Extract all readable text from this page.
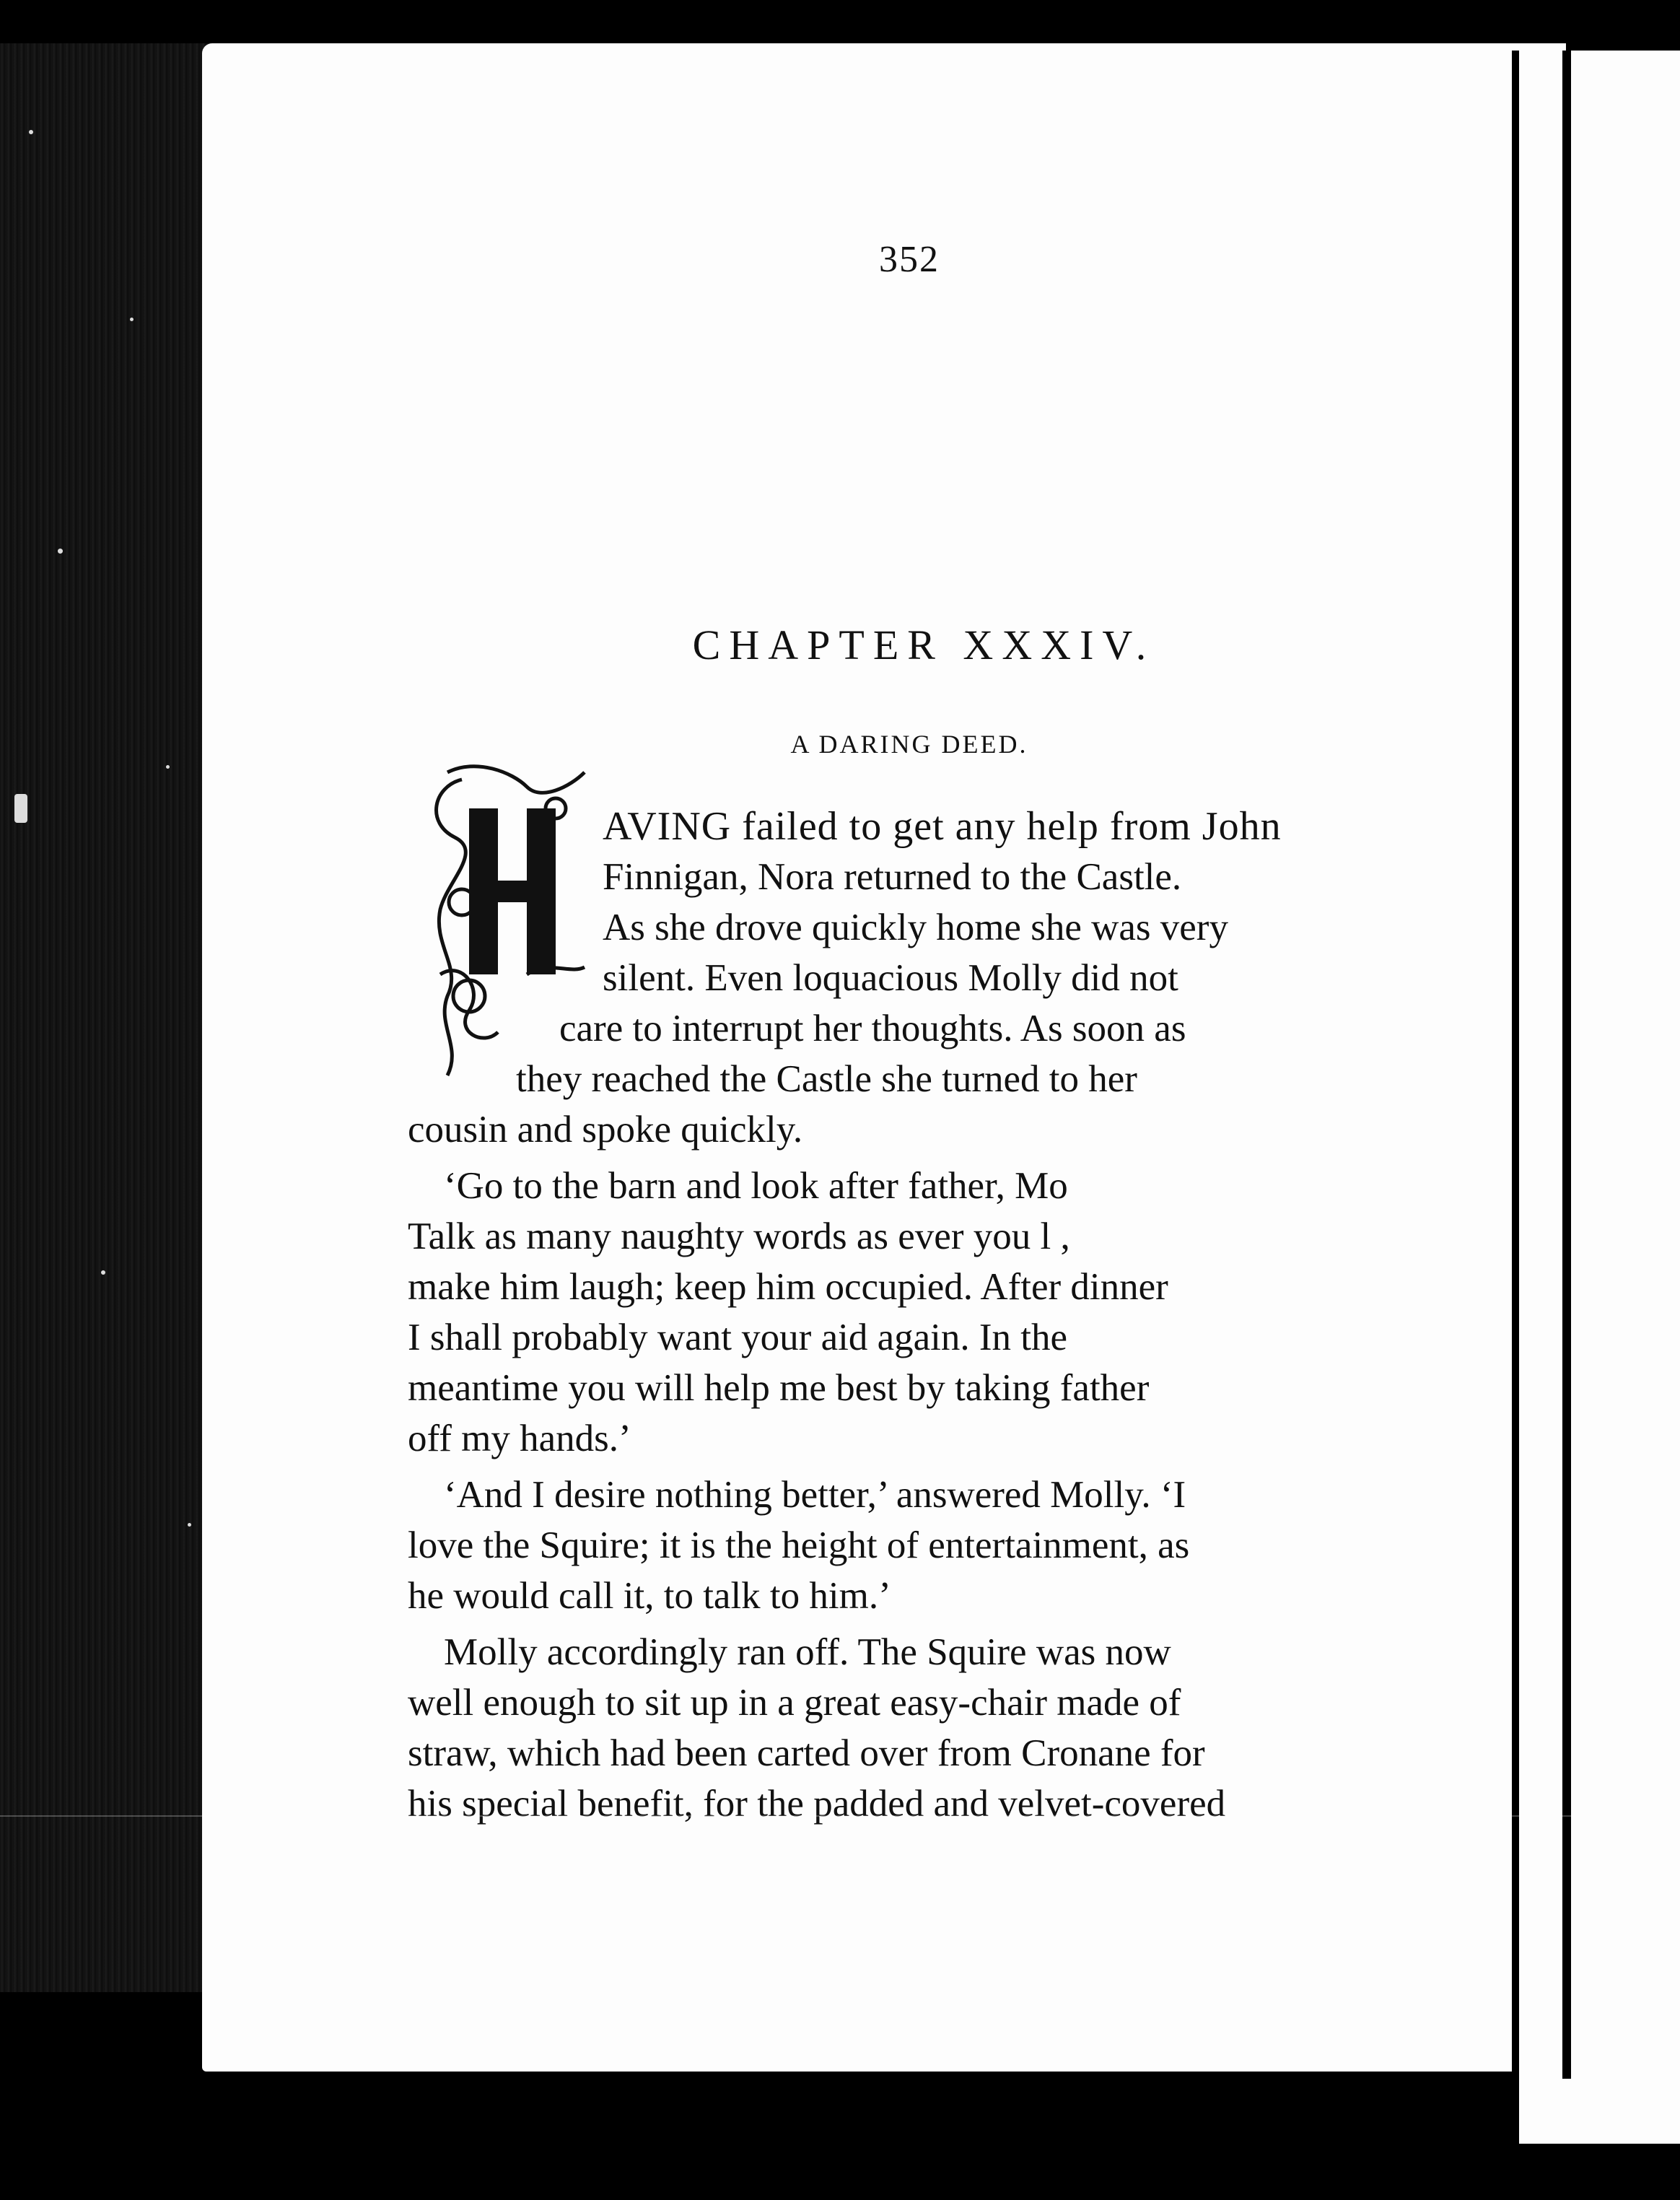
352
CHAPTER XXXIV.
A DARING DEED.

AVING failed to get any help from John
Finnigan, Nora returned to the Castle.
As she drove quickly home she was very
silent. Even loquacious Molly did not
care to interrupt her thoughts. As soon as
they reached the Castle she turned to her
cousin and spoke quickly.

‘Go to the barn and look after father, Mo
Talk as many naughty words as ever you l ,
make him laugh; keep him occupied. After dinner
I shall probably want your aid again. In the
meantime you will help me best by taking father
off my hands.’

‘And I desire nothing better,’ answered Molly. ‘I
love the Squire; it is the height of entertainment, as
he would call it, to talk to him.’

Molly accordingly ran off. The Squire was now
well enough to sit up in a great easy-chair made of
straw, which had been carted over from Cronane for
his special benefit, for the padded and velvet-covered
